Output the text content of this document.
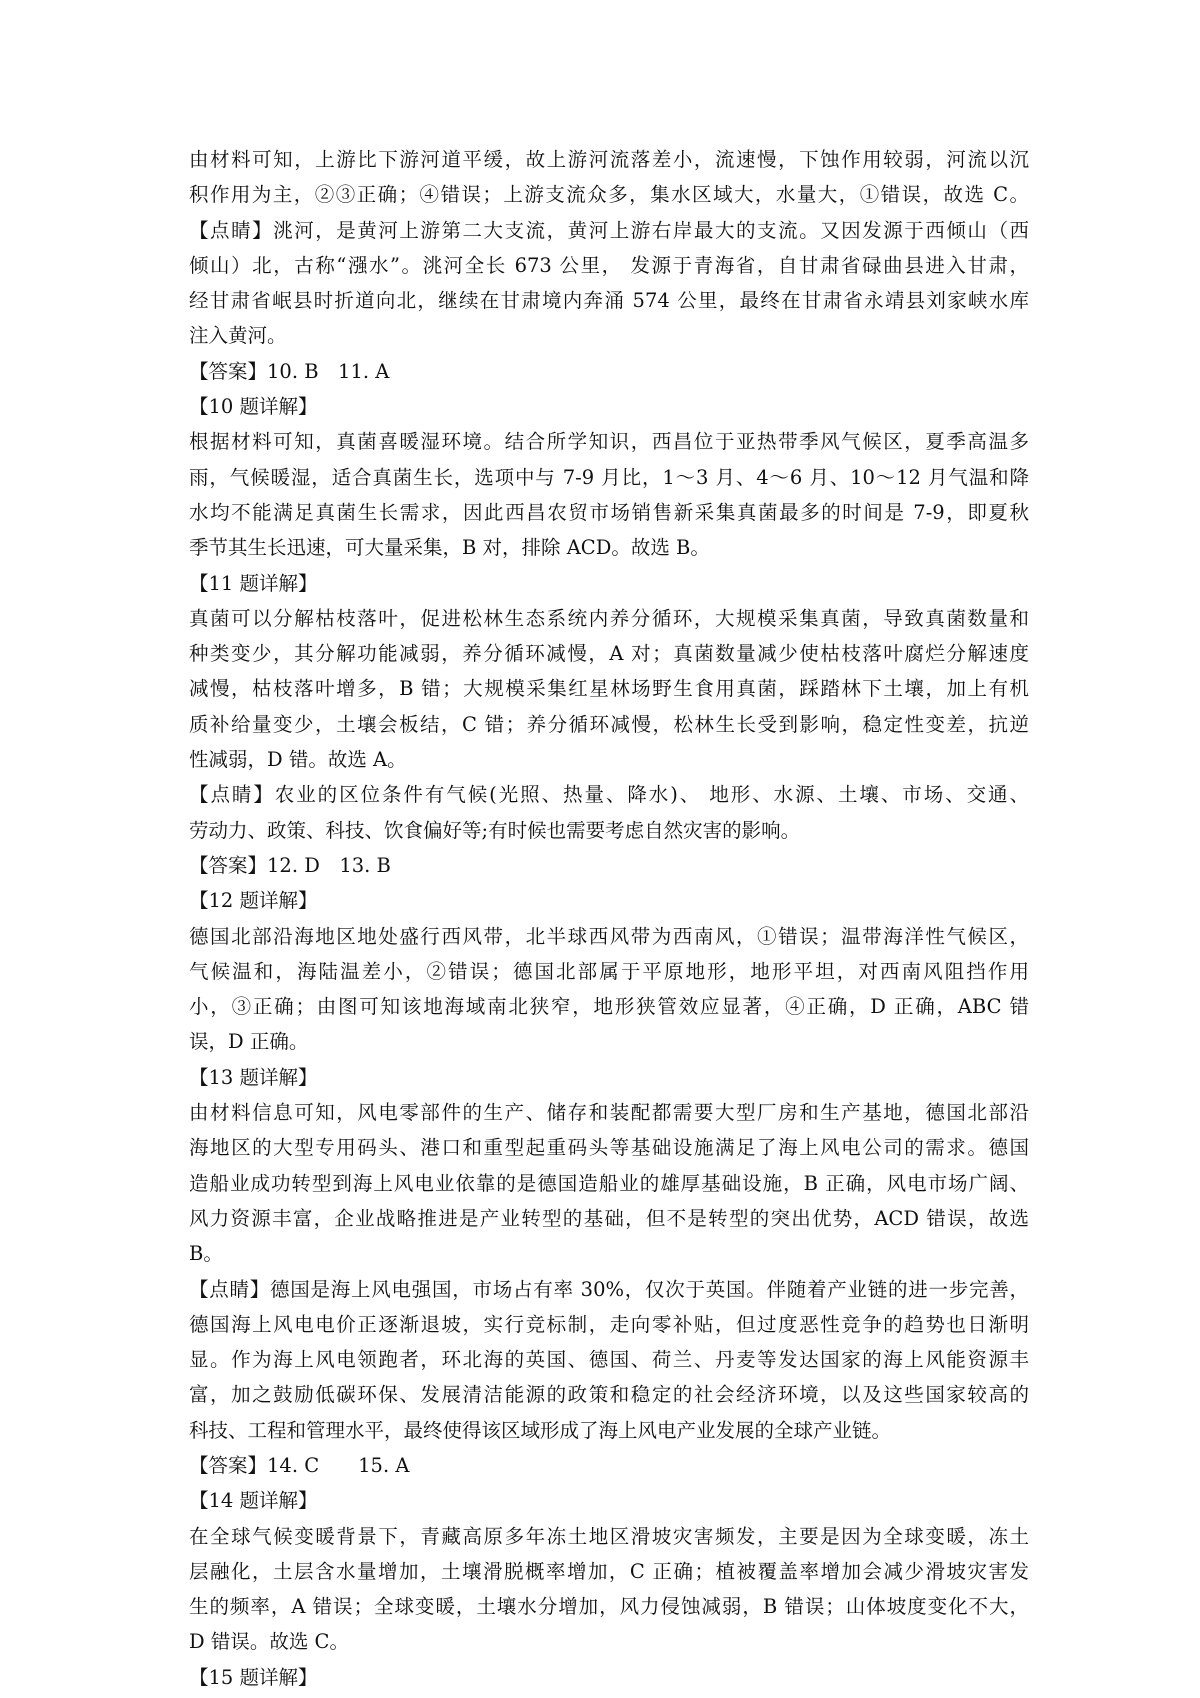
由材料可知，上游比下游河道平缓，故上游河流落差小，流速慢，下蚀作用较弱，河流以沉
积作用为主，②③正确；④错误；上游支流众多，集水区域大，水量大，①错误，故选 C。
【点睛】洮河，是黄河上游第二大支流，黄河上游右岸最大的支流。又因发源于西倾山（西
倾山）北，古称“漒水”。洮河全长 673 公里， 发源于青海省，自甘肃省碌曲县进入甘肃，
经甘肃省岷县时折道向北，继续在甘肃境内奔涌 574 公里，最终在甘肃省永靖县刘家峡水库
注入黄河。
【答案】10. B　11. A
【10 题详解】
根据材料可知，真菌喜暖湿环境。结合所学知识，西昌位于亚热带季风气候区，夏季高温多
雨，气候暖湿，适合真菌生长，选项中与 7-9 月比，1～3 月、4～6 月、10～12 月气温和降
水均不能满足真菌生长需求，因此西昌农贸市场销售新采集真菌最多的时间是 7-9，即夏秋
季节其生长迅速，可大量采集，B 对，排除 ACD。故选 B。
【11 题详解】
真菌可以分解枯枝落叶，促进松林生态系统内养分循环，大规模采集真菌，导致真菌数量和
种类变少，其分解功能减弱，养分循环减慢，A 对；真菌数量减少使枯枝落叶腐烂分解速度
减慢，枯枝落叶增多，B 错；大规模采集红星林场野生食用真菌，踩踏林下土壤，加上有机
质补给量变少，土壤会板结，C 错；养分循环减慢，松林生长受到影响，稳定性变差，抗逆
性减弱，D 错。故选 A。
【点睛】农业的区位条件有气候(光照、热量、降水)、 地形、水源、土壤、市场、交通、
劳动力、政策、科技、饮食偏好等;有时候也需要考虑自然灾害的影响。
【答案】12. D　13. B
【12 题详解】
德国北部沿海地区地处盛行西风带，北半球西风带为西南风，①错误；温带海洋性气候区，
气候温和，海陆温差小，②错误；德国北部属于平原地形，地形平坦，对西南风阻挡作用
小，③正确；由图可知该地海域南北狭窄，地形狭管效应显著，④正确，D 正确，ABC 错
误，D 正确。
【13 题详解】
由材料信息可知，风电零部件的生产、储存和装配都需要大型厂房和生产基地，德国北部沿
海地区的大型专用码头、港口和重型起重码头等基础设施满足了海上风电公司的需求。德国
造船业成功转型到海上风电业依靠的是德国造船业的雄厚基础设施，B 正确，风电市场广阔、
风力资源丰富，企业战略推进是产业转型的基础，但不是转型的突出优势，ACD 错误，故选
B。
【点睛】德国是海上风电强国，市场占有率 30%，仅次于英国。伴随着产业链的进一步完善，
德国海上风电电价正逐渐退坡，实行竞标制，走向零补贴，但过度恶性竞争的趋势也日渐明
显。作为海上风电领跑者，环北海的英国、德国、荷兰、丹麦等发达国家的海上风能资源丰
富，加之鼓励低碳环保、发展清洁能源的政策和稳定的社会经济环境，以及这些国家较高的
科技、工程和管理水平，最终使得该区域形成了海上风电产业发展的全球产业链。
【答案】14. C　　15. A
【14 题详解】
在全球气候变暖背景下，青藏高原多年冻土地区滑坡灾害频发，主要是因为全球变暖，冻土
层融化，土层含水量增加，土壤滑脱概率增加，C 正确；植被覆盖率增加会减少滑坡灾害发
生的频率，A 错误；全球变暖，土壤水分增加，风力侵蚀减弱，B 错误；山体坡度变化不大，
D 错误。故选 C。
【15 题详解】
